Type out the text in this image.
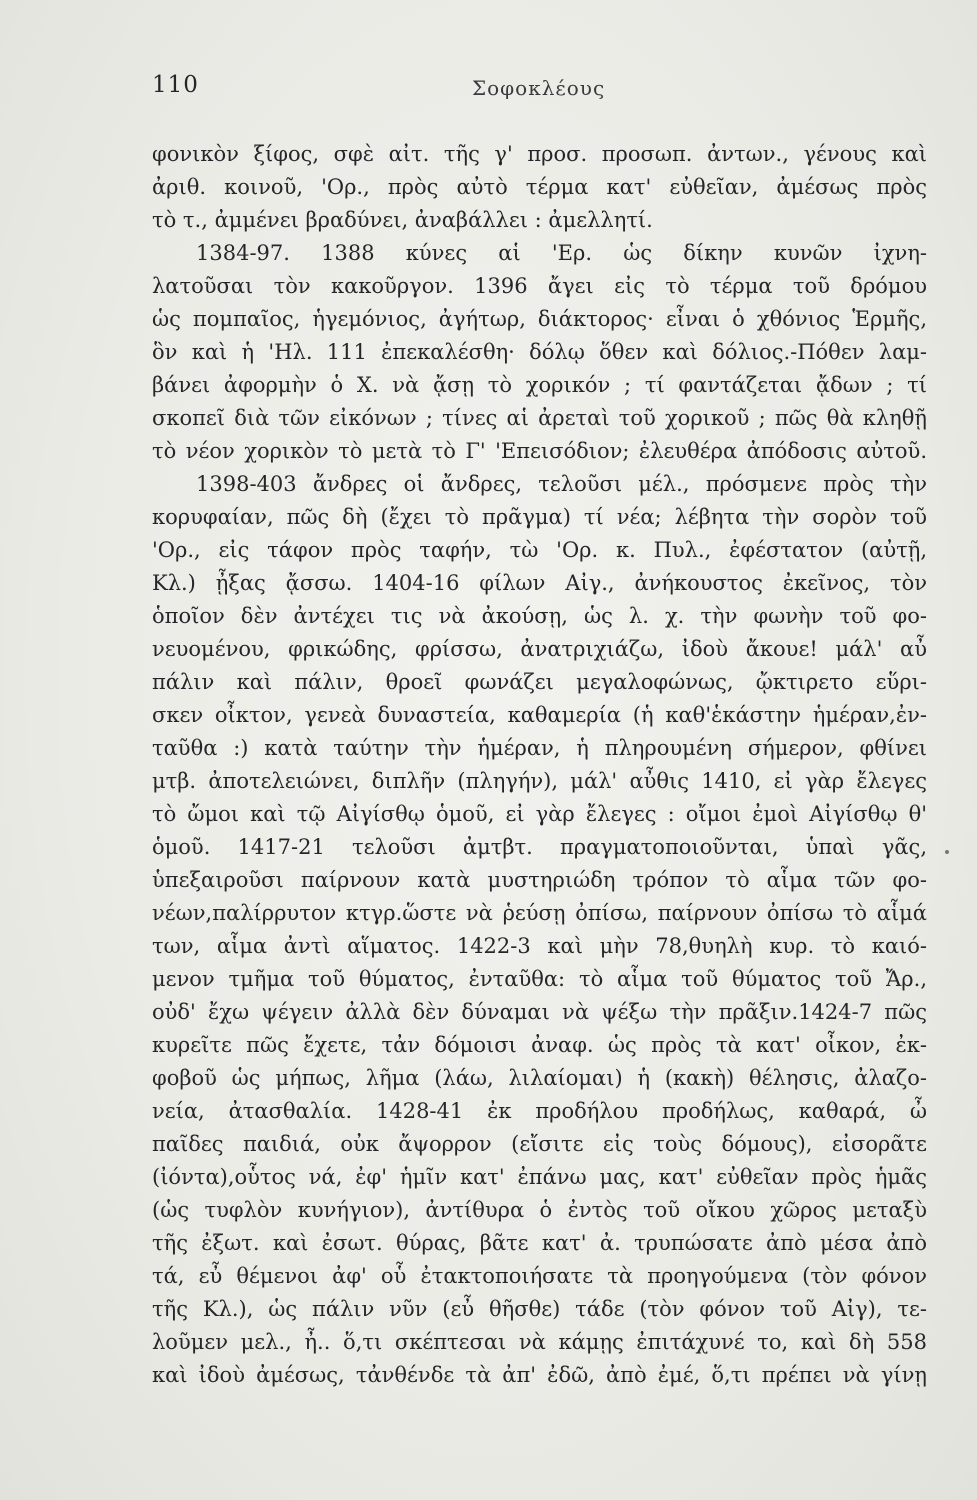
110	Σοφοκλέους
φονικὸν ξίφος, σφὲ αἰτ. τῆς γ' προσ. προσωπ. ἀντων., γένους καὶ
ἀριθ. κοινοῦ, 'Ορ., πρὸς αὐτὸ τέρμα κατ' εὐθεῖαν, ἀμέσως πρὸς
τὸ τ., ἀμμένει βραδύνει, ἀναβάλλει : ἀμελλητί.
1384-97. 1388 κύνες αἱ 'Ερ. ὡς δίκην κυνῶν ἰχνη-
λατοῦσαι τὸν κακοῦργον. 1396 ἄγει εἰς τὸ τέρμα τοῦ δρόμου
ὡς πομπαῖος, ἡγεμόνιος, ἀγήτωρ, διάκτορος· εἶναι ὁ χθόνιος Ἑρμῆς,
ὃν καὶ ἡ 'Ηλ. 111 ἐπεκαλέσθη· δόλῳ ὅθεν καὶ δόλιος.-Πόθεν λαμ-
βάνει ἀφορμὴν ὁ Χ. νὰ ᾄσῃ τὸ χορικόν ; τί φαντάζεται ᾄδων ; τί
σκοπεῖ διὰ τῶν εἰκόνων ; τίνες αἱ ἀρεταὶ τοῦ χορικοῦ ; πῶς θὰ κληθῇ
τὸ νέον χορικὸν τὸ μετὰ τὸ Γ' 'Επεισόδιον; ἐλευθέρα ἀπόδοσις αὐτοῦ.
1398-403 ἄνδρες οἱ ἄνδρες, τελοῦσι μέλ., πρόσμενε πρὸς τὴν
κορυφαίαν, πῶς δὴ (ἔχει τὸ πρᾶγμα) τί νέα; λέβητα τὴν σορὸν τοῦ
'Ορ., εἰς τάφον πρὸς ταφήν, τὼ 'Ορ. κ. Πυλ., ἐφέστατον (αὐτῇ,
Κλ.) ᾖξας ᾄσσω. 1404-16 φίλων Αἰγ., ἀνήκουστος ἐκεῖνος, τὸν
ὁποῖον δὲν ἀντέχει τις νὰ ἀκούσῃ, ὡς λ. χ. τὴν φωνὴν τοῦ φο-
νευομένου, φρικώδης, φρίσσω, ἀνατριχιάζω, ἰδοὺ ἄκουε! μάλ' αὖ
πάλιν καὶ πάλιν, θροεῖ φωνάζει μεγαλοφώνως, ᾤκτιρετο εὕρι-
σκεν οἶκτον, γενεὰ δυναστεία, καθαμερία (ἡ καθ'ἑκάστην ἡμέραν,ἐν-
ταῦθα :) κατὰ ταύτην τὴν ἡμέραν, ἡ πληρουμένη σήμερον, φθίνει
μτβ. ἀποτελειώνει, διπλῆν (πληγήν), μάλ' αὖθις 1410, εἰ γὰρ ἔλεγες
τὸ ὤμοι καὶ τῷ Αἰγίσθῳ ὁμοῦ, εἰ γὰρ ἔλεγες : οἴμοι ἐμοὶ Αἰγίσθῳ θ'
ὁμοῦ. 1417-21 τελοῦσι ἀμτβτ. πραγματοποιοῦνται, ὑπαὶ γᾶς,
ὑπεξαιροῦσι παίρνουν κατὰ μυστηριώδη τρόπον τὸ αἷμα τῶν φο-
νέων,παλίρρυτον κτγρ.ὥστε νὰ ῥεύσῃ ὀπίσω, παίρνουν ὀπίσω τὸ αἷμά
των, αἷμα ἀντὶ αἵματος. 1422-3 καὶ μὴν 78,θυηλὴ κυρ. τὸ καιό-
μενον τμῆμα τοῦ θύματος, ἐνταῦθα: τὸ αἷμα τοῦ θύματος τοῦ Ἄρ.,
οὐδ' ἔχω ψέγειν ἀλλὰ δὲν δύναμαι νὰ ψέξω τὴν πρᾶξιν.1424-7 πῶς
κυρεῖτε πῶς ἔχετε, τἀν δόμοισι ἀναφ. ὡς πρὸς τὰ κατ' οἶκον, ἐκ-
φοβοῦ ὡς μήπως, λῆμα (λάω, λιλαίομαι) ἡ (κακὴ) θέλησις, ἀλαζο-
νεία, ἀτασθαλία. 1428-41 ἐκ προδήλου προδήλως, καθαρά, ὦ
παῖδες παιδιά, οὐκ ἄψορρον (εἴσιτε εἰς τοὺς δόμους), εἰσορᾶτε
(ἰόντα),οὗτος νά, ἐφ' ἡμῖν κατ' ἐπάνω μας, κατ' εὐθεῖαν πρὸς ἡμᾶς
(ὡς τυφλὸν κυνήγιον), ἀντίθυρα ὁ ἐντὸς τοῦ οἴκου χῶρος μεταξὺ
τῆς ἐξωτ. καὶ ἐσωτ. θύρας, βᾶτε κατ' ἀ. τρυπώσατε ἀπὸ μέσα ἀπὸ
τά, εὖ θέμενοι ἀφ' οὗ ἐτακτοποιήσατε τὰ προηγούμενα (τὸν φόνον
τῆς Κλ.), ὡς πάλιν νῦν (εὖ θῆσθε) τάδε (τὸν φόνον τοῦ Αἰγ), τε-
λοῦμεν μελ., ἦ.. ὅ,τι σκέπτεσαι νὰ κάμῃς ἐπιτάχυνέ το, καὶ δὴ 558
καὶ ἰδοὺ ἀμέσως, τἀνθένδε τὰ ἀπ' ἐδῶ, ἀπὸ ἐμέ, ὅ,τι πρέπει νὰ γίνῃ
